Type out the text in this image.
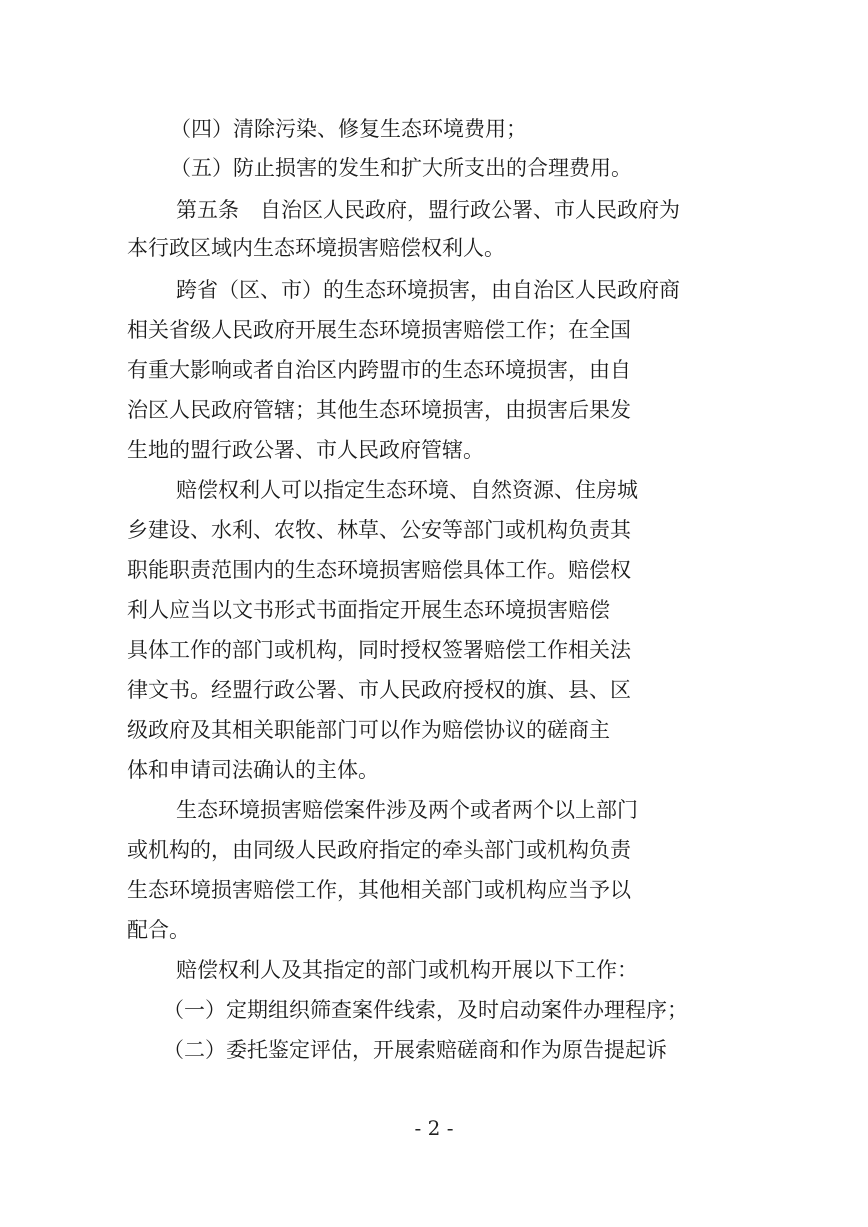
（四）清除污染、修复生态环境费用；
（五）防止损害的发生和扩大所支出的合理费用。
第五条　自治区人民政府，盟行政公署、市人民政府为
本行政区域内生态环境损害赔偿权利人。
跨省（区、市）的生态环境损害，由自治区人民政府商
相关省级人民政府开展生态环境损害赔偿工作；在全国
有重大影响或者自治区内跨盟市的生态环境损害，由自
治区人民政府管辖；其他生态环境损害，由损害后果发
生地的盟行政公署、市人民政府管辖。
赔偿权利人可以指定生态环境、自然资源、住房城
乡建设、水利、农牧、林草、公安等部门或机构负责其
职能职责范围内的生态环境损害赔偿具体工作。赔偿权
利人应当以文书形式书面指定开展生态环境损害赔偿
具体工作的部门或机构，同时授权签署赔偿工作相关法
律文书。经盟行政公署、市人民政府授权的旗、县、区
级政府及其相关职能部门可以作为赔偿协议的磋商主
体和申请司法确认的主体。
生态环境损害赔偿案件涉及两个或者两个以上部门
或机构的，由同级人民政府指定的牵头部门或机构负责
生态环境损害赔偿工作，其他相关部门或机构应当予以
配合。
赔偿权利人及其指定的部门或机构开展以下工作：
（一）定期组织筛查案件线索，及时启动案件办理程序；
（二）委托鉴定评估，开展索赔磋商和作为原告提起诉
- 2 -
